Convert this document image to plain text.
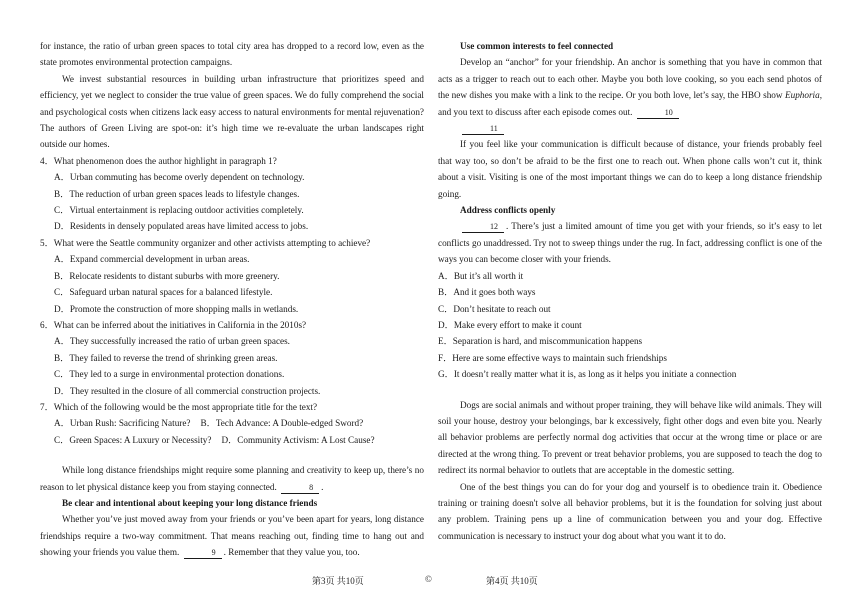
for instance, the ratio of urban green spaces to total city area has dropped to a record low, even as the state promotes environmental protection campaigns.

We invest substantial resources in building urban infrastructure that prioritizes speed and efficiency, yet we neglect to consider the true value of green spaces. We do fully comprehend the social and psychological costs when citizens lack easy access to natural environments for mental rejuvenation? The authors of Green Living are spot-on: it’s high time we re-evaluate the urban landscapes right outside our homes.

4．What phenomenon does the author highlight in paragraph 1?

A．Urban commuting has become overly dependent on technology.

B．The reduction of urban green spaces leads to lifestyle changes.

C．Virtual entertainment is replacing outdoor activities completely.

D．Residents in densely populated areas have limited access to jobs.

5．What were the Seattle community organizer and other activists attempting to achieve?

A．Expand commercial development in urban areas.

B．Relocate residents to distant suburbs with more greenery.

C．Safeguard urban natural spaces for a balanced lifestyle.

D．Promote the construction of more shopping malls in wetlands.

6．What can be inferred about the initiatives in California in the 2010s?

A．They successfully increased the ratio of urban green spaces.

B．They failed to reverse the trend of shrinking green areas.

C．They led to a surge in environmental protection donations.

D．They resulted in the closure of all commercial construction projects.

7．Which of the following would be the most appropriate title for the text?

A．Urban Rush: Sacrificing Nature? B．Tech Advance: A Double-edged Sword?
C．Green Spaces: A Luxury or Necessity? D．Community Activism: A Lost Cause?

While long distance friendships might require some planning and creativity to keep up, there’s no reason to let physical distance keep you from staying connected.	8 .

Be clear and intentional about keeping your long distance friends

Whether you’ve just moved away from your friends or you’ve been apart for years, long distance friendships require a two-way commitment. That means reaching out, finding time to hang out and showing your friends you value them.	9 . Remember that they value you, too.

Use common interests to feel connected

Develop an “anchor” for your friendship. An anchor is something that you have in common that acts as a trigger to reach out to each other. Maybe you both love cooking, so you each send photos of the new dishes you make with a link to the recipe. Or you both love, let’s say, the HBO show Euphoria, and you text to discuss after each episode comes out.	10

11

If you feel like your communication is difficult because of distance, your friends probably feel that way too, so don’t be afraid to be the first one to reach out. When phone calls won’t cut it, think about a visit. Visiting is one of the most important things we can do to keep a long distance friendship going.

Address conflicts openly

12 . There’s just a limited amount of time you get with your friends, so it’s easy to let conflicts go unaddressed. Try not to sweep things under the rug. In fact, addressing conflict is one of the ways you can become closer with your friends.

A．But it’s all worth it

B．And it goes both ways

C．Don’t hesitate to reach out

D．Make every effort to make it count

E．Separation is hard, and miscommunication happens

F．Here are some effective ways to maintain such friendships

G．It doesn’t really matter what it is, as long as it helps you initiate a connection

Dogs are social animals and without proper training, they will behave like wild animals. They will soil your house, destroy your belongings, bar k excessively, fight other dogs and even bite you. Nearly all behavior problems are perfectly normal dog activities that occur at the wrong time or place or are directed at the wrong thing. To prevent or treat behavior problems, you are supposed to teach the dog to redirect its normal behavior to outlets that are acceptable in the domestic setting.

One of the best things you can do for your dog and yourself is to obedience train it. Obedience training or training doesn't solve all behavior problems, but it is the foundation for solving just about any problem. Training pens up a line of communication between you and your dog. Effective communication is necessary to instruct your dog about what you want it to do.

第3页 共10页	©	第4页 共10页
